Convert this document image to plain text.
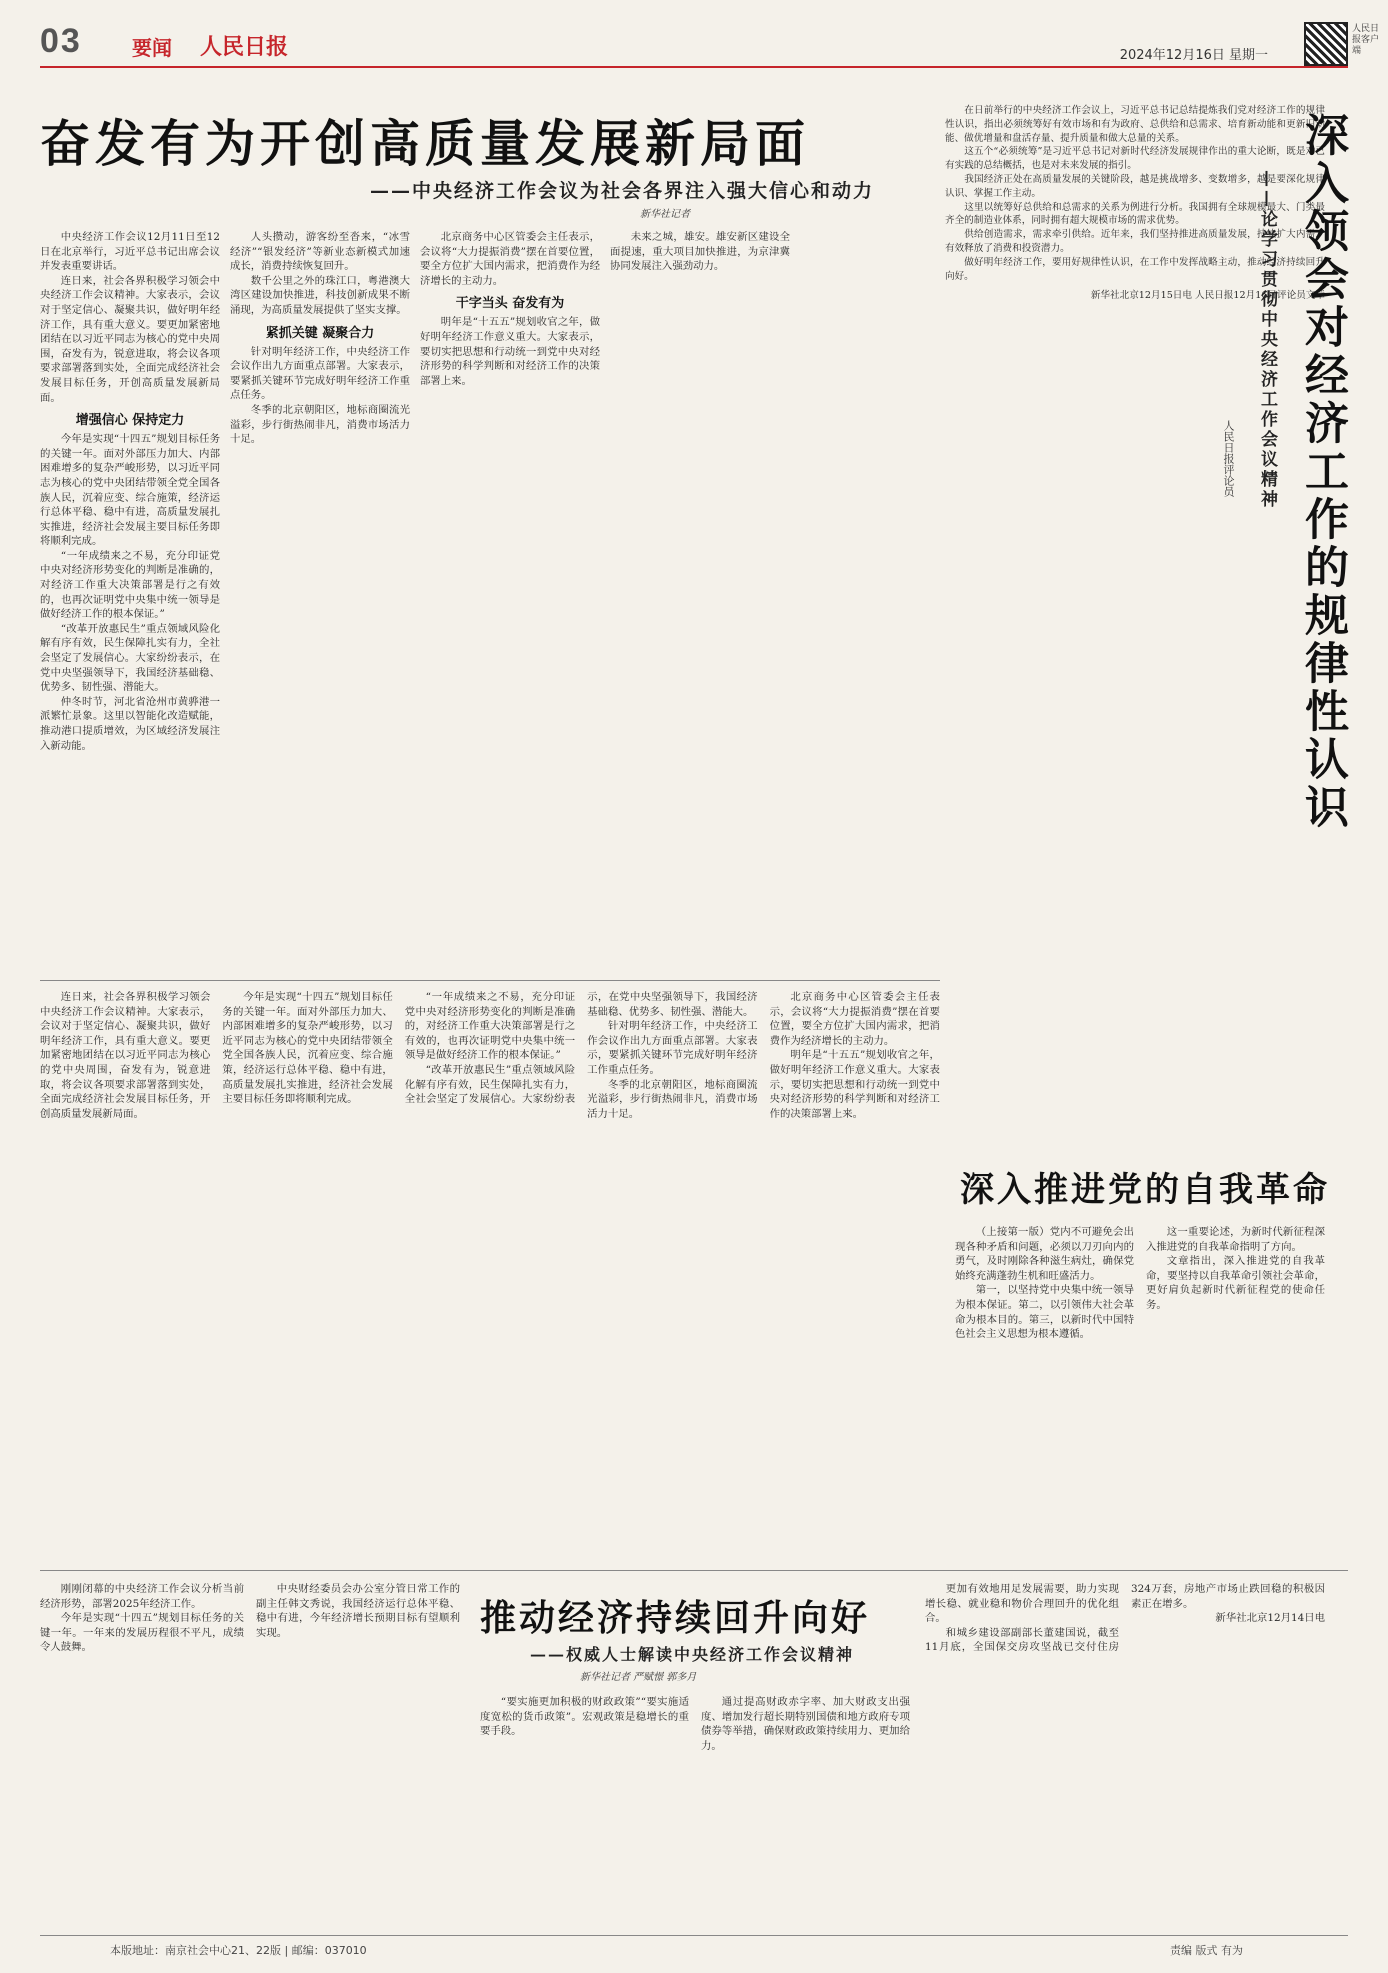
03	要闻 人民日报	2024年12月16日 星期一
人民日报客户端
奋发有为开创高质量发展新局面
——中央经济工作会议为社会各界注入强大信心和动力
新华社记者

中央经济工作会议12月11日至12日在北京举行，习近平总书记出席会议并发表重要讲话。

连日来，社会各界积极学习领会中央经济工作会议精神。大家表示，会议对于坚定信心、凝聚共识，做好明年经济工作，具有重大意义。要更加紧密地团结在以习近平同志为核心的党中央周围，奋发有为，锐意进取，将会议各项要求部署落到实处，全面完成经济社会发展目标任务，开创高质量发展新局面。

增强信心 保持定力

今年是实现“十四五”规划目标任务的关键一年。面对外部压力加大、内部困难增多的复杂严峻形势，以习近平同志为核心的党中央团结带领全党全国各族人民，沉着应变、综合施策，经济运行总体平稳、稳中有进，高质量发展扎实推进，经济社会发展主要目标任务即将顺利完成。

“一年成绩来之不易，充分印证党中央对经济形势变化的判断是准确的，对经济工作重大决策部署是行之有效的，也再次证明党中央集中统一领导是做好经济工作的根本保证。”

“改革开放惠民生”重点领域风险化解有序有效，民生保障扎实有力，全社会坚定了发展信心。大家纷纷表示，在党中央坚强领导下，我国经济基础稳、优势多、韧性强、潜能大。

仲冬时节，河北省沧州市黄骅港一派繁忙景象。这里以智能化改造赋能，推动港口提质增效，为区域经济发展注入新动能。

人头攒动，游客纷至沓来，“冰雪经济”“银发经济”等新业态新模式加速成长，消费持续恢复回升。

数千公里之外的珠江口，粤港澳大湾区建设加快推进，科技创新成果不断涌现，为高质量发展提供了坚实支撑。

紧抓关键 凝聚合力

针对明年经济工作，中央经济工作会议作出九方面重点部署。大家表示，要紧抓关键环节完成好明年经济工作重点任务。

冬季的北京朝阳区，地标商圈流光溢彩，步行街热闹非凡，消费市场活力十足。

北京商务中心区管委会主任表示，会议将“大力提振消费”摆在首要位置，要全方位扩大国内需求，把消费作为经济增长的主动力。

干字当头 奋发有为

明年是“十五五”规划收官之年，做好明年经济工作意义重大。大家表示，要切实把思想和行动统一到党中央对经济形势的科学判断和对经济工作的决策部署上来。

未来之城，雄安。雄安新区建设全面提速，重大项目加快推进，为京津冀协同发展注入强劲动力。

在日前举行的中央经济工作会议上，习近平总书记总结提炼我们党对经济工作的规律性认识，指出必须统筹好有效市场和有为政府、总供给和总需求、培育新动能和更新旧动能、做优增量和盘活存量、提升质量和做大总量的关系。

这五个“必须统筹”是习近平总书记对新时代经济发展规律作出的重大论断，既是对已有实践的总结概括，也是对未来发展的指引。

我国经济正处在高质量发展的关键阶段，越是挑战增多、变数增多，越是要深化规律认识、掌握工作主动。

这里以统筹好总供给和总需求的关系为例进行分析。我国拥有全球规模最大、门类最齐全的制造业体系，同时拥有超大规模市场的需求优势。

供给创造需求，需求牵引供给。近年来，我们坚持推进高质量发展，持续扩大内需，有效释放了消费和投资潜力。

做好明年经济工作，要用好规律性认识，在工作中发挥战略主动，推动经济持续回升向好。

新华社北京12月15日电 人民日报12月16日评论员文章

深入领会对经济工作的规律性认识
——论学习贯彻中央经济工作会议精神
人民日报评论员

连日来，社会各界积极学习领会中央经济工作会议精神。大家表示，会议对于坚定信心、凝聚共识，做好明年经济工作，具有重大意义。要更加紧密地团结在以习近平同志为核心的党中央周围，奋发有为，锐意进取，将会议各项要求部署落到实处，全面完成经济社会发展目标任务，开创高质量发展新局面。

今年是实现“十四五”规划目标任务的关键一年。面对外部压力加大、内部困难增多的复杂严峻形势，以习近平同志为核心的党中央团结带领全党全国各族人民，沉着应变、综合施策，经济运行总体平稳、稳中有进，高质量发展扎实推进，经济社会发展主要目标任务即将顺利完成。

“一年成绩来之不易，充分印证党中央对经济形势变化的判断是准确的，对经济工作重大决策部署是行之有效的，也再次证明党中央集中统一领导是做好经济工作的根本保证。”

“改革开放惠民生”重点领域风险化解有序有效，民生保障扎实有力，全社会坚定了发展信心。大家纷纷表示，在党中央坚强领导下，我国经济基础稳、优势多、韧性强、潜能大。

针对明年经济工作，中央经济工作会议作出九方面重点部署。大家表示，要紧抓关键环节完成好明年经济工作重点任务。

冬季的北京朝阳区，地标商圈流光溢彩，步行街热闹非凡，消费市场活力十足。

北京商务中心区管委会主任表示，会议将“大力提振消费”摆在首要位置，要全方位扩大国内需求，把消费作为经济增长的主动力。

明年是“十五五”规划收官之年，做好明年经济工作意义重大。大家表示，要切实把思想和行动统一到党中央对经济形势的科学判断和对经济工作的决策部署上来。

深入推进党的自我革命

（上接第一版）党内不可避免会出现各种矛盾和问题，必须以刀刃向内的勇气，及时刚除各种滋生病灶，确保党始终充满蓬勃生机和旺盛活力。

第一，以坚持党中央集中统一领导为根本保证。第二，以引领伟大社会革命为根本目的。第三，以新时代中国特色社会主义思想为根本遵循。

这一重要论述，为新时代新征程深入推进党的自我革命指明了方向。

文章指出，深入推进党的自我革命，要坚持以自我革命引领社会革命，更好肩负起新时代新征程党的使命任务。

刚刚闭幕的中央经济工作会议分析当前经济形势，部署2025年经济工作。

今年是实现“十四五”规划目标任务的关键一年。一年来的发展历程很不平凡，成绩令人鼓舞。

中央财经委员会办公室分管日常工作的副主任韩文秀说，我国经济运行总体平稳、稳中有进，今年经济增长预期目标有望顺利实现。	推动经济持续回升向好
——权威人士解读中央经济工作会议精神
新华社记者 严赋憬 郭多月

“要实施更加积极的财政政策”“要实施适度宽松的货币政策”。宏观政策是稳增长的重要手段。

通过提高财政赤字率、加大财政支出强度、增加发行超长期特别国债和地方政府专项债券等举措，确保财政政策持续用力、更加给力。

更加有效地用足发展需要，助力实现增长稳、就业稳和物价合理回升的优化组合。

和城乡建设部副部长董建国说，截至11月底，全国保交房攻坚战已交付住房324万套，房地产市场止跌回稳的积极因素正在增多。

新华社北京12月14日电

本版地址：南京社会中心21、22版 | 邮编：037010	责编 版式 有为
